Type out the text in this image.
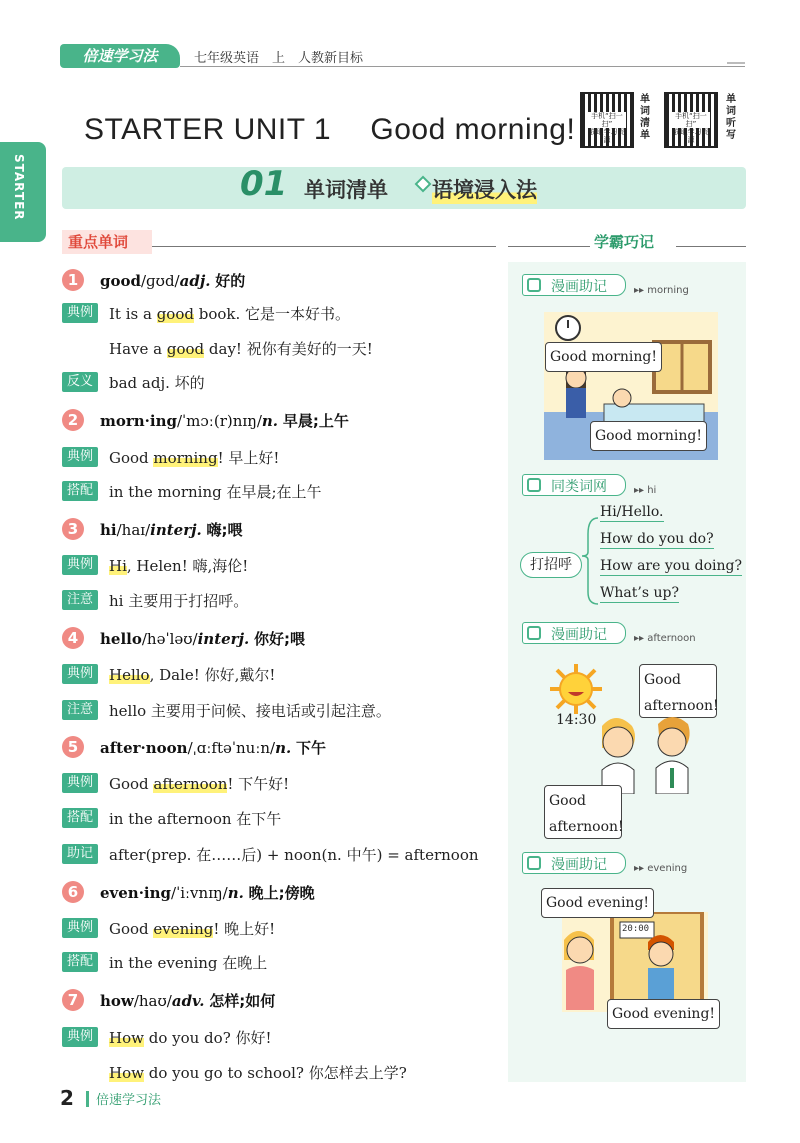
倍速学习法	七年级英语　上　人教新目标
STARTER UNIT 1　 Good morning!	手机“扫一扫”
获取学习资源
单词清单
手机“扫一扫”
获取学习资源
单词听写
STARTER	01 单词清单 语境浸入法
重点单词	学霸巧记
1	good/ɡʊd/adj. 好的
典例	It is a good book. 它是一本好书。
Have a good day! 祝你有美好的一天!
反义	bad adj. 坏的
2	morn·ing/ˈmɔː(r)nɪŋ/n. 早晨;上午
典例	Good morning! 早上好!
搭配	in the morning 在早晨;在上午
3	hi/haɪ/interj. 嗨;喂
典例	Hi, Helen! 嗨,海伦!
注意	hi 主要用于打招呼。
4	hello/həˈləʊ/interj. 你好;喂
典例	Hello, Dale! 你好,戴尔!
注意	hello 主要用于问候、接电话或引起注意。
5	after·noon/ˌɑːftəˈnuːn/n. 下午
典例	Good afternoon! 下午好!
搭配	in the afternoon 在下午
助记	after(prep. 在……后) + noon(n. 中午) = afternoon
6	even·ing/ˈiːvnɪŋ/n. 晚上;傍晚
典例	Good evening! 晚上好!
搭配	in the evening 在晚上
7	how/haʊ/adv. 怎样;如何
典例	How do you do? 你好!
How do you go to school? 你怎样去上学?
漫画助记	▸▸ morning
Good morning!
Good morning!
同类词网	▸▸ hi
打招呼
Hi/Hello.
How do you do?
How are you doing?
What’s up?
漫画助记	▸▸ afternoon
14:30
Good
afternoon!
Good
afternoon!
漫画助记	▸▸ evening
20:00
Good evening!
Good evening!
2 倍速学习法
